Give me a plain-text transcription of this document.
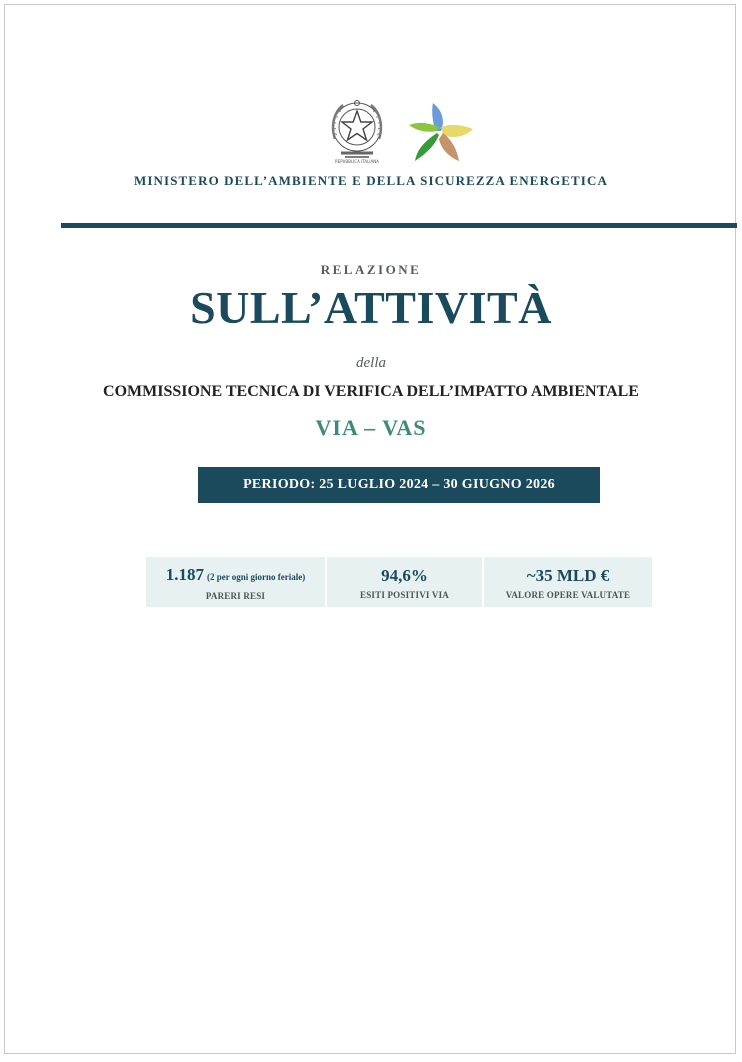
REPVBBLICA ITALIANA
MINISTERO DELL’AMBIENTE E DELLA SICUREZZA ENERGETICA
RELAZIONE
SULL’ATTIVITÀ
della
COMMISSIONE TECNICA DI VERIFICA DELL’IMPATTO AMBIENTALE
VIA – VAS
PERIODO: 25 LUGLIO 2024 – 30 GIUGNO 2026
1.187 (2 per ogni giorno feriale)
PARERI RESI
94,6%
ESITI POSITIVI VIA
~35 MLD €
VALORE OPERE VALUTATE
